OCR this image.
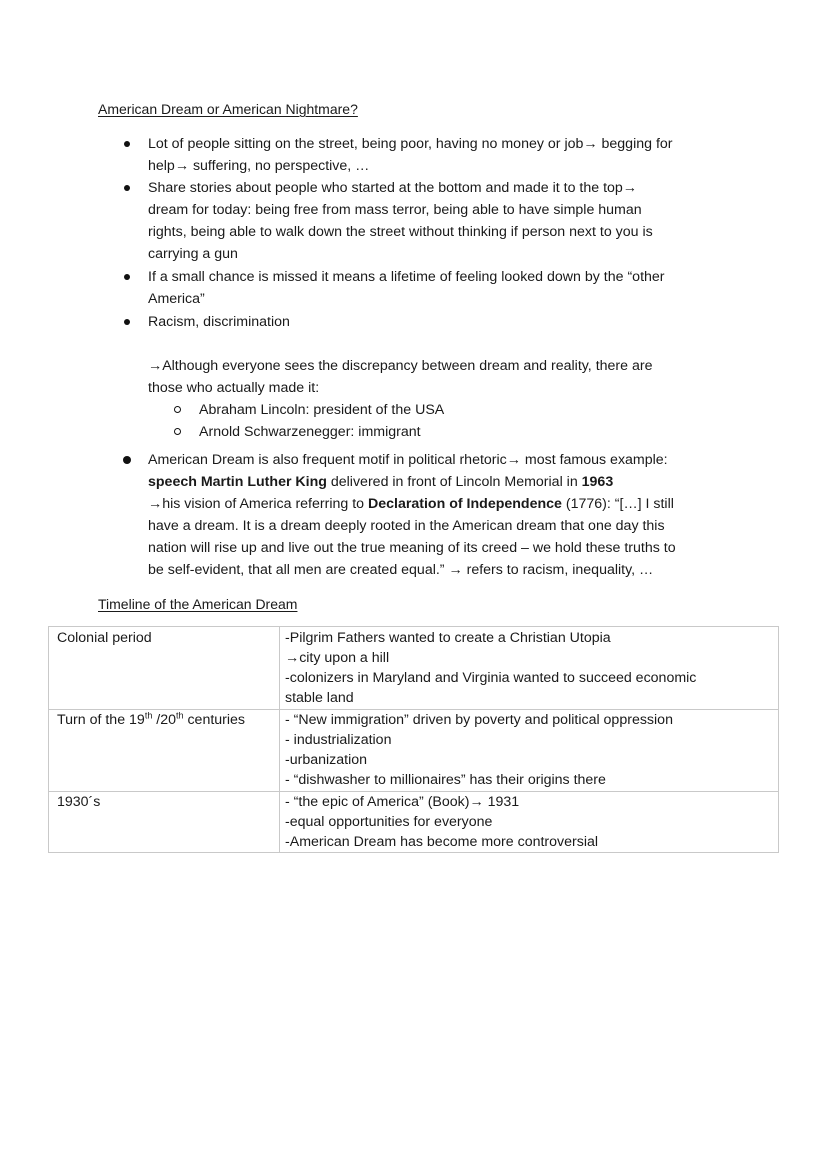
American Dream or American Nightmare?
Lot of people sitting on the street, being poor, having no money or job→ begging for
help→ suffering, no perspective, …
Share stories about people who started at the bottom and made it to the top→
dream for today: being free from mass terror, being able to have simple human
rights, being able to walk down the street without thinking if person next to you is
carrying a gun
If a small chance is missed it means a lifetime of feeling looked down by the “other
America”
Racism, discrimination
→Although everyone sees the discrepancy between dream and reality, there are
those who actually made it:
Abraham Lincoln: president of the USA
Arnold Schwarzenegger: immigrant
American Dream is also frequent motif in political rhetoric→ most famous example:
speech Martin Luther King delivered in front of Lincoln Memorial in 1963
→his vision of America referring to Declaration of Independence (1776): “[…] I still
have a dream. It is a dream deeply rooted in the American dream that one day this
nation will rise up and live out the true meaning of its creed – we hold these truths to
be self-evident, that all men are created equal.” → refers to racism, inequality, …
Timeline of the American Dream
Colonial period	-Pilgrim Fathers wanted to create a Christian Utopia
→city upon a hill
-colonizers in Maryland and Virginia wanted to succeed economic
stable land
Turn of the 19th /20th centuries	- “New immigration” driven by poverty and political oppression
- industrialization
-urbanization
- “dishwasher to millionaires” has their origins there
1930´s	- “the epic of America” (Book)→ 1931
-equal opportunities for everyone
-American Dream has become more controversial
